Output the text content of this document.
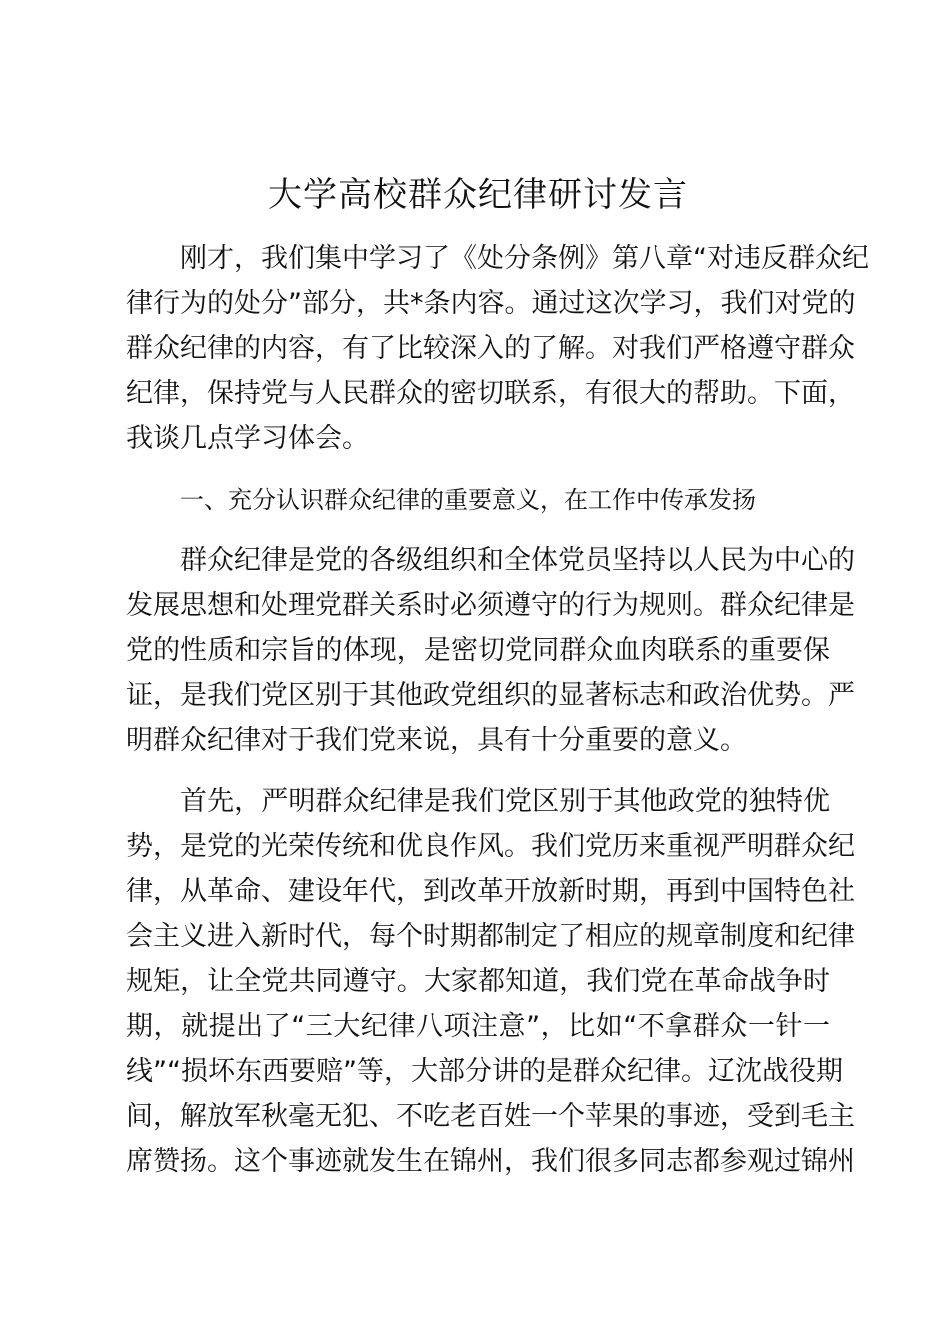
大学高校群众纪律研讨发言
刚才，我们集中学习了《处分条例》第八章“对违反群众纪
律行为的处分”部分，共*条内容。通过这次学习，我们对党的
群众纪律的内容，有了比较深入的了解。对我们严格遵守群众
纪律，保持党与人民群众的密切联系，有很大的帮助。下面，
我谈几点学习体会。
一、充分认识群众纪律的重要意义，在工作中传承发扬
群众纪律是党的各级组织和全体党员坚持以人民为中心的
发展思想和处理党群关系时必须遵守的行为规则。群众纪律是
党的性质和宗旨的体现，是密切党同群众血肉联系的重要保
证，是我们党区别于其他政党组织的显著标志和政治优势。严
明群众纪律对于我们党来说，具有十分重要的意义。
首先，严明群众纪律是我们党区别于其他政党的独特优
势，是党的光荣传统和优良作风。我们党历来重视严明群众纪
律，从革命、建设年代，到改革开放新时期，再到中国特色社
会主义进入新时代，每个时期都制定了相应的规章制度和纪律
规矩，让全党共同遵守。大家都知道，我们党在革命战争时
期，就提出了“三大纪律八项注意”，比如“不拿群众一针一
线”“损坏东西要赔”等，大部分讲的是群众纪律。辽沈战役期
间，解放军秋毫无犯、不吃老百姓一个苹果的事迹，受到毛主
席赞扬。这个事迹就发生在锦州，我们很多同志都参观过锦州
